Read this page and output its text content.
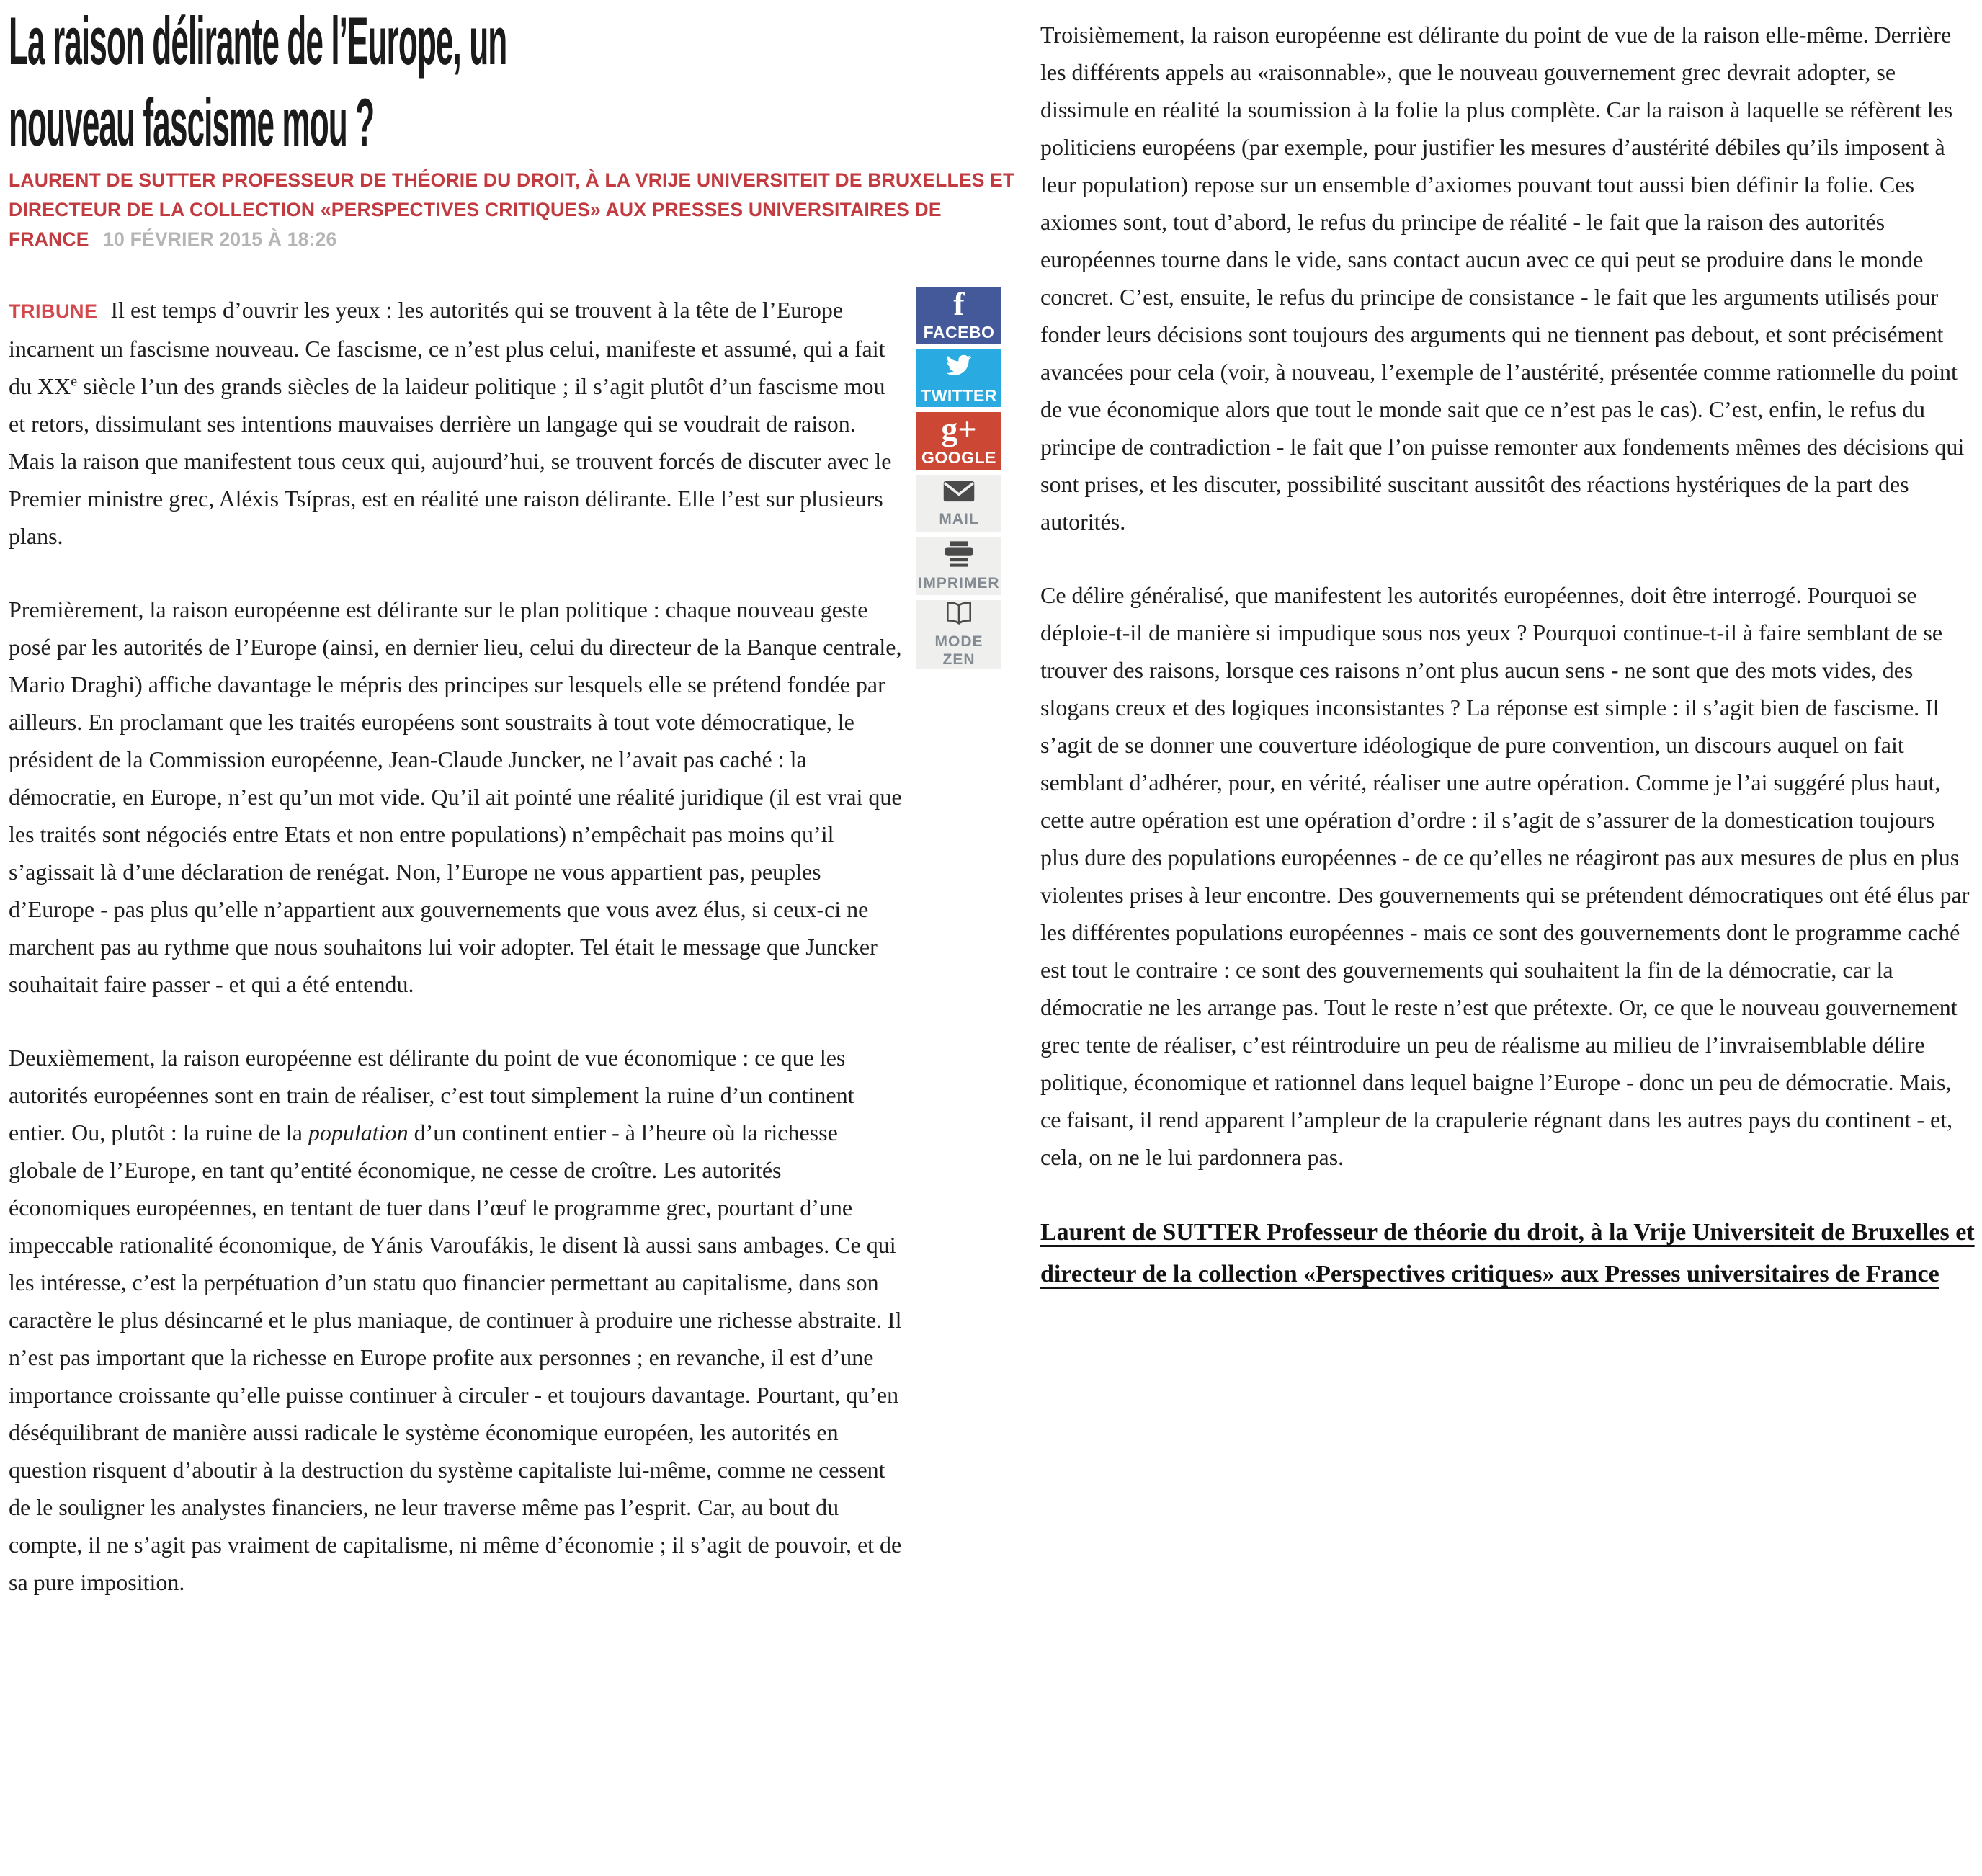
La raison délirante de l’Europe, un
nouveau fascisme mou ?

LAURENT DE SUTTER PROFESSEUR DE THÉORIE DU DROIT, À LA VRIJE UNIVERSITEIT DE BRUXELLES ET DIRECTEUR DE LA COLLECTION «PERSPECTIVES CRITIQUES» AUX PRESSES UNIVERSITAIRES DE FRANCE 10 FÉVRIER 2015 À 18:26

TRIBUNE Il est temps d’ouvrir les yeux : les autorités qui se trouvent à la tête de l’Europe incarnent un fascisme nouveau. Ce fascisme, ce n’est plus celui, manifeste et assumé, qui a fait du XXe siècle l’un des grands siècles de la laideur politique ; il s’agit plutôt d’un fascisme mou et retors, dissimulant ses intentions mauvaises derrière un langage qui se voudrait de raison. Mais la raison que manifestent tous ceux qui, aujourd’hui, se trouvent forcés de discuter avec le Premier ministre grec, Aléxis Tsípras, est en réalité une raison délirante. Elle l’est sur plusieurs plans.

Premièrement, la raison européenne est délirante sur le plan politique : chaque nouveau geste posé par les autorités de l’Europe (ainsi, en dernier lieu, celui du directeur de la Banque centrale, Mario Draghi) affiche davantage le mépris des principes sur lesquels elle se prétend fondée par ailleurs. En proclamant que les traités européens sont soustraits à tout vote démocratique, le président de la Commission européenne, Jean-Claude Juncker, ne l’avait pas caché : la démocratie, en Europe, n’est qu’un mot vide. Qu’il ait pointé une réalité juridique (il est vrai que les traités sont négociés entre Etats et non entre populations) n’empêchait pas moins qu’il s’agissait là d’une déclaration de renégat. Non, l’Europe ne vous appartient pas, peuples d’Europe - pas plus qu’elle n’appartient aux gouvernements que vous avez élus, si ceux-ci ne marchent pas au rythme que nous souhaitons lui voir adopter. Tel était le message que Juncker souhaitait faire passer - et qui a été entendu.

Deuxièmement, la raison européenne est délirante du point de vue économique : ce que les autorités européennes sont en train de réaliser, c’est tout simplement la ruine d’un continent entier. Ou, plutôt : la ruine de la population d’un continent entier - à l’heure où la richesse globale de l’Europe, en tant qu’entité économique, ne cesse de croître. Les autorités économiques européennes, en tentant de tuer dans l’œuf le programme grec, pourtant d’une impeccable rationalité économique, de Yánis Varoufákis, le disent là aussi sans ambages. Ce qui les intéresse, c’est la perpétuation d’un statu quo financier permettant au capitalisme, dans son caractère le plus désincarné et le plus maniaque, de continuer à produire une richesse abstraite. Il n’est pas important que la richesse en Europe profite aux personnes ; en revanche, il est d’une importance croissante qu’elle puisse continuer à circuler - et toujours davantage. Pourtant, qu’en déséquilibrant de manière aussi radicale le système économique européen, les autorités en question risquent d’aboutir à la destruction du système capitaliste lui-même, comme ne cessent de le souligner les analystes financiers, ne leur traverse même pas l’esprit. Car, au bout du compte, il ne s’agit pas vraiment de capitalisme, ni même d’économie ; il s’agit de pouvoir, et de sa pure imposition.

f
FACEBO
TWITTER
g+
GOOGLE
MAIL
IMPRIMER
MODE ZEN

Troisièmement, la raison européenne est délirante du point de vue de la raison elle-même. Derrière les différents appels au «raisonnable», que le nouveau gouvernement grec devrait adopter, se dissimule en réalité la soumission à la folie la plus complète. Car la raison à laquelle se réfèrent les politiciens européens (par exemple, pour justifier les mesures d’austérité débiles qu’ils imposent à leur population) repose sur un ensemble d’axiomes pouvant tout aussi bien définir la folie. Ces axiomes sont, tout d’abord, le refus du principe de réalité - le fait que la raison des autorités européennes tourne dans le vide, sans contact aucun avec ce qui peut se produire dans le monde concret. C’est, ensuite, le refus du principe de consistance - le fait que les arguments utilisés pour fonder leurs décisions sont toujours des arguments qui ne tiennent pas debout, et sont précisément avancées pour cela (voir, à nouveau, l’exemple de l’austérité, présentée comme rationnelle du point de vue économique alors que tout le monde sait que ce n’est pas le cas). C’est, enfin, le refus du principe de contradiction - le fait que l’on puisse remonter aux fondements mêmes des décisions qui sont prises, et les discuter, possibilité suscitant aussitôt des réactions hystériques de la part des autorités.

Ce délire généralisé, que manifestent les autorités européennes, doit être interrogé. Pourquoi se déploie-t-il de manière si impudique sous nos yeux ? Pourquoi continue-t-il à faire semblant de se trouver des raisons, lorsque ces raisons n’ont plus aucun sens - ne sont que des mots vides, des slogans creux et des logiques inconsistantes ? La réponse est simple : il s’agit bien de fascisme. Il s’agit de se donner une couverture idéologique de pure convention, un discours auquel on fait semblant d’adhérer, pour, en vérité, réaliser une autre opération. Comme je l’ai suggéré plus haut, cette autre opération est une opération d’ordre : il s’agit de s’assurer de la domestication toujours plus dure des populations européennes - de ce qu’elles ne réagiront pas aux mesures de plus en plus violentes prises à leur encontre. Des gouvernements qui se prétendent démocratiques ont été élus par les différentes populations européennes - mais ce sont des gouvernements dont le programme caché est tout le contraire : ce sont des gouvernements qui souhaitent la fin de la démocratie, car la démocratie ne les arrange pas. Tout le reste n’est que prétexte. Or, ce que le nouveau gouvernement grec tente de réaliser, c’est réintroduire un peu de réalisme au milieu de l’invraisemblable délire politique, économique et rationnel dans lequel baigne l’Europe - donc un peu de démocratie. Mais, ce faisant, il rend apparent l’ampleur de la crapulerie régnant dans les autres pays du continent - et, cela, on ne le lui pardonnera pas.

Laurent de SUTTER Professeur de théorie du droit, à la Vrije Universiteit de Bruxelles et directeur de la collection «Perspectives critiques» aux Presses universitaires de France
